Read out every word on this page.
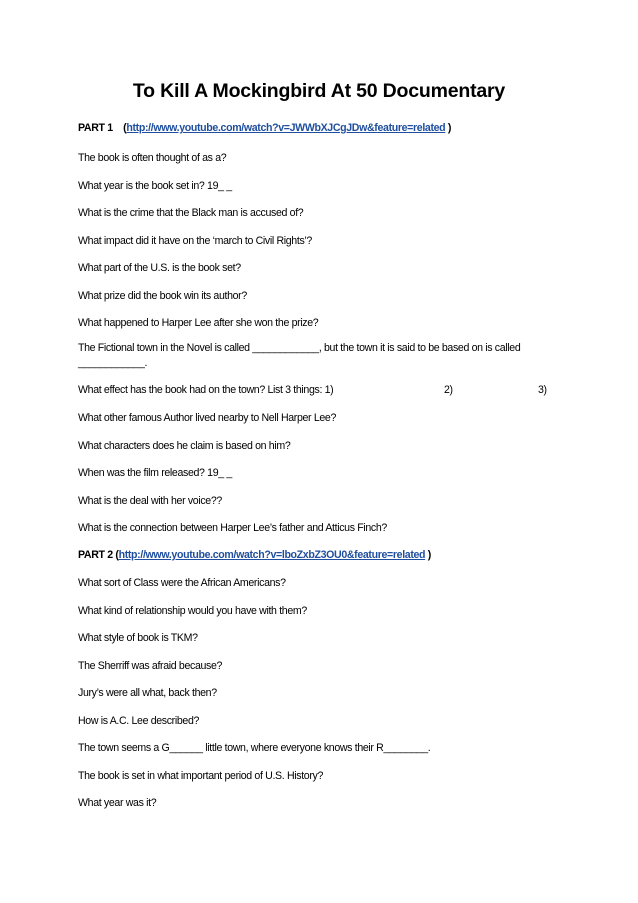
To Kill A Mockingbird At 50 Documentary
PART 1 (http://www.youtube.com/watch?v=JWWbXJCgJDw&feature=related )
The book is often thought of as a?
What year is the book set in? 19_ _
What is the crime that the Black man is accused of?
What impact did it have on the ‘march to Civil Rights’?
What part of the U.S. is the book set?
What prize did the book win its author?
What happened to Harper Lee after she won the prize?
The Fictional town in the Novel is called ____________, but the town it is said to be based on is called ____________.
What effect has the book had on the town? List 3 things: 1)	2)	3)
What other famous Author lived nearby to Nell Harper Lee?
What characters does he claim is based on him?
When was the film released? 19_ _
What is the deal with her voice??
What is the connection between Harper Lee’s father and Atticus Finch?
PART 2 (http://www.youtube.com/watch?v=lboZxbZ3OU0&feature=related )
What sort of Class were the African Americans?
What kind of relationship would you have with them?
What style of book is TKM?
The Sherriff was afraid because?
Jury’s were all what, back then?
How is A.C. Lee described?
The town seems a G______ little town, where everyone knows their R________.
The book is set in what important period of U.S. History?
What year was it?
